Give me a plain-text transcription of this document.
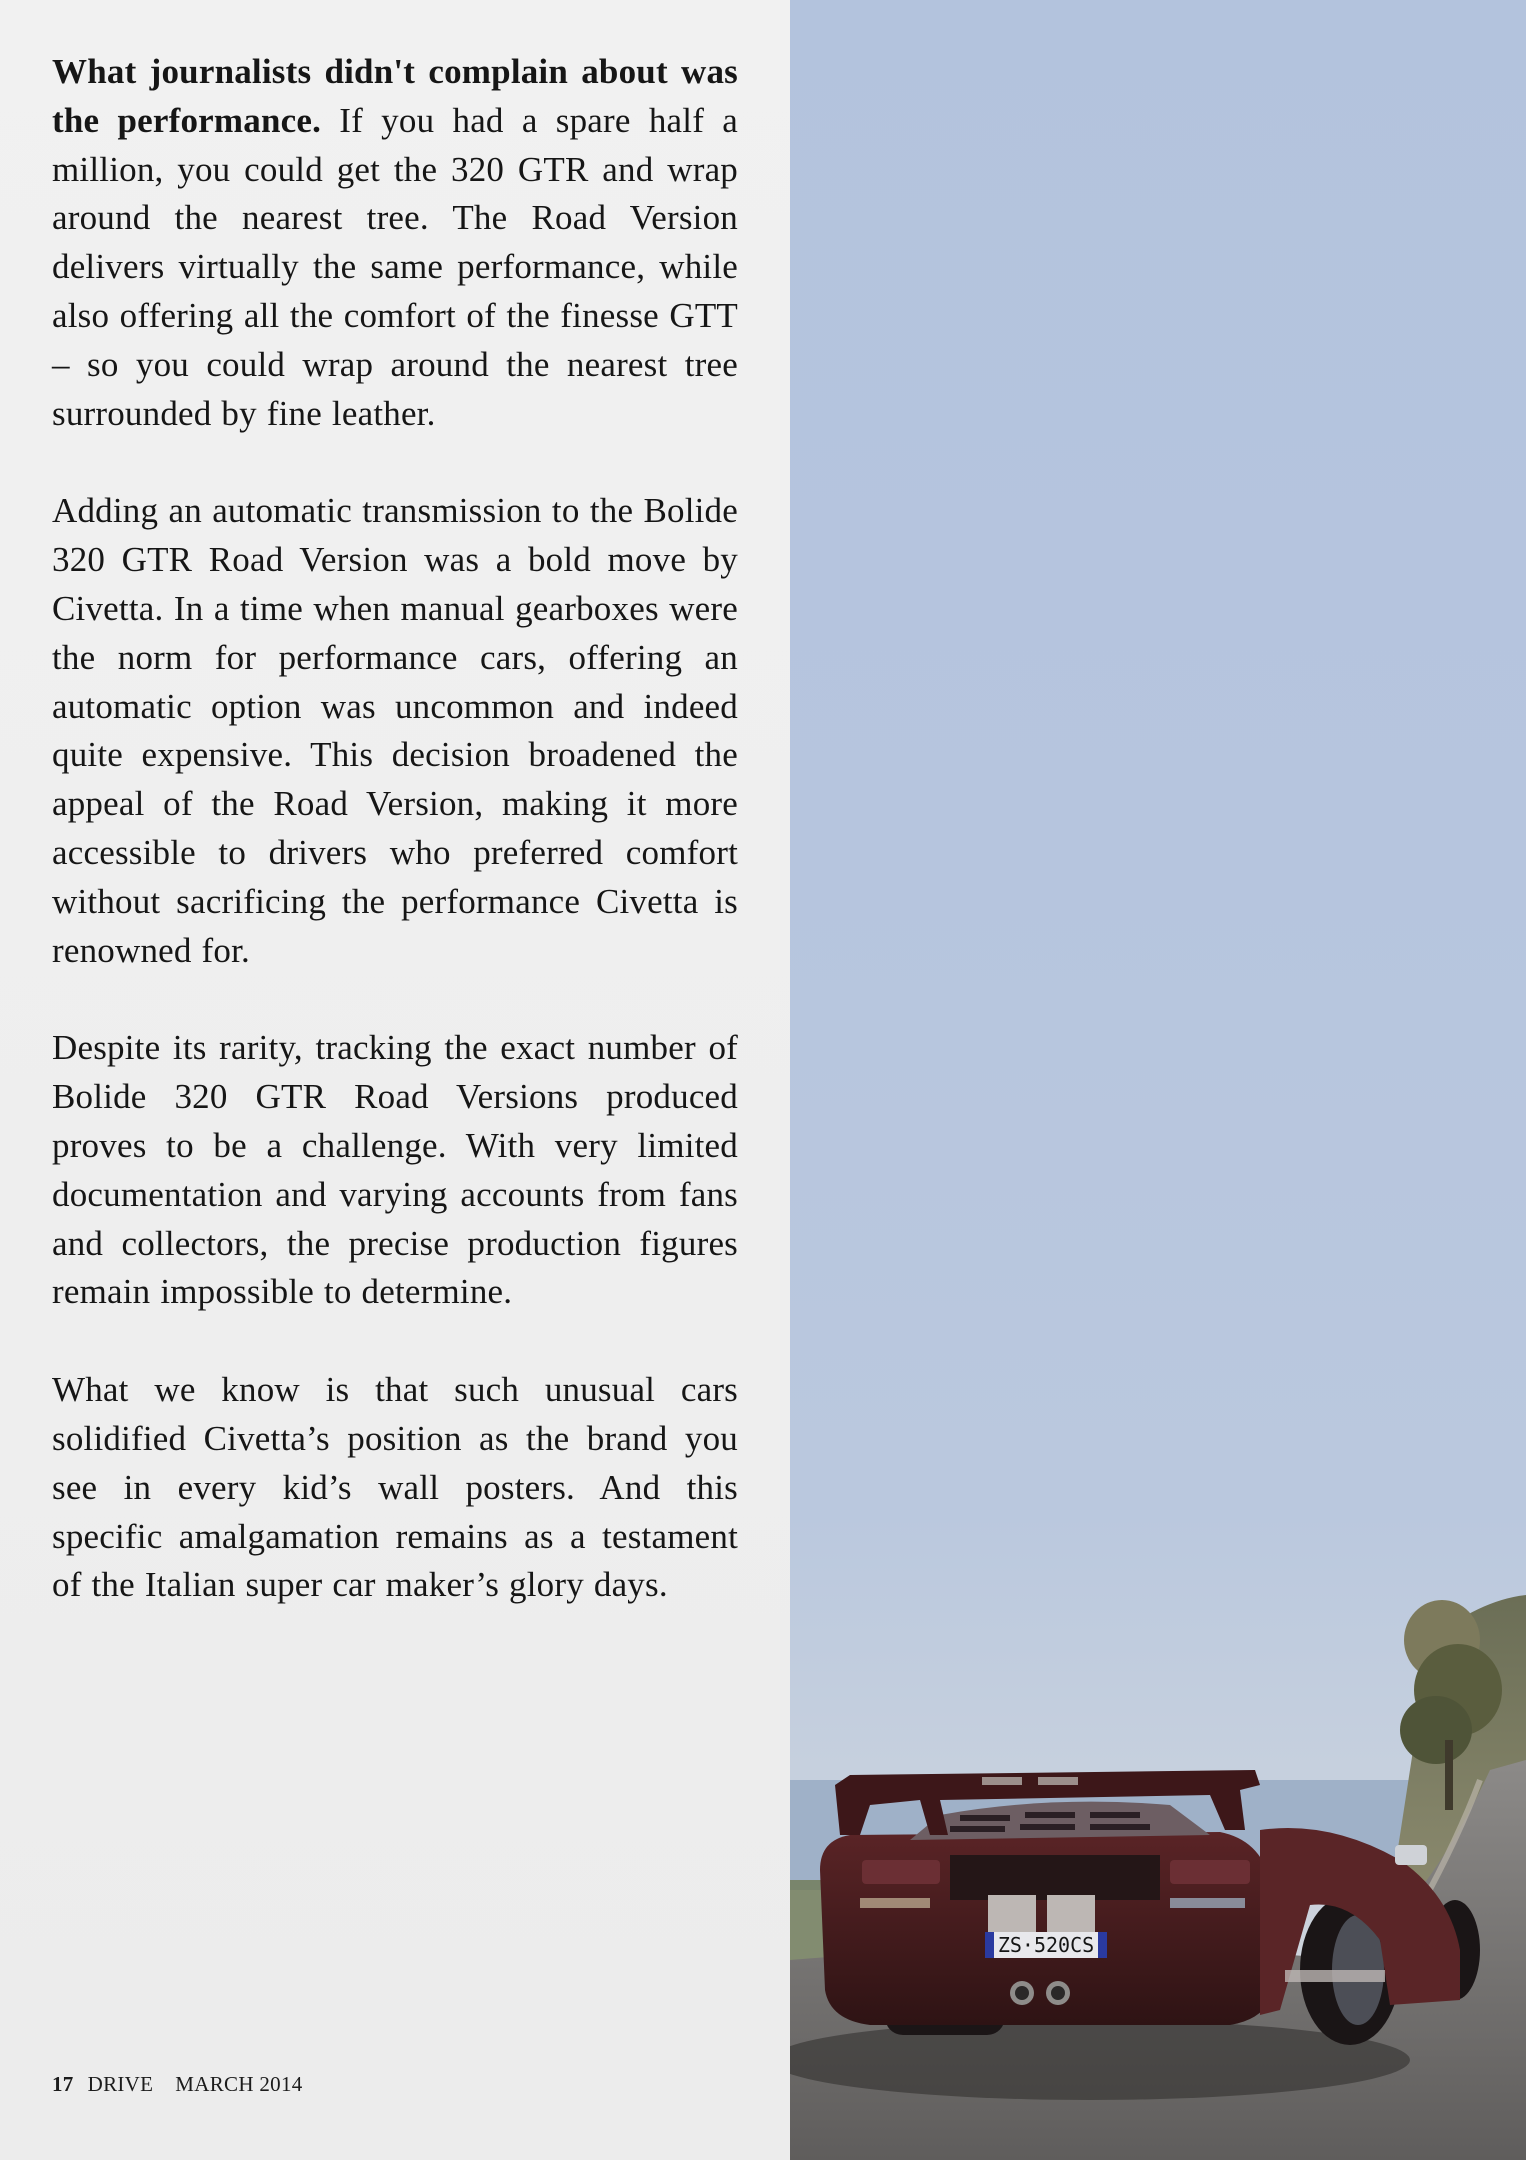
What journalists didn't complain about was the performance. If you had a spare half a million, you could get the 320 GTR and wrap around the nearest tree. The Road Version delivers virtually the same performance, while also offering all the comfort of the finesse GTT – so you could wrap around the nearest tree surrounded by fine leather.

Adding an automatic transmission to the Bolide 320 GTR Road Version was a bold move by Civetta. In a time when manual gearboxes were the norm for performance cars, offering an automatic option was uncommon and indeed quite expensive. This decision broadened the appeal of the Road Version, making it more accessible to drivers who preferred comfort without sacrificing the performance Civetta is renowned for.

Despite its rarity, tracking the exact number of Bolide 320 GTR Road Versions produced proves to be a challenge. With very limited documentation and varying accounts from fans and collectors, the precise production figures remain impossible to determine.

What we know is that such unusual cars solidified Civetta’s position as the brand you see in every kid’s wall posters. And this specific amalgamation remains as a testament of the Italian super car maker’s glory days.

17 DRIVE MARCH 2014
ZS·520CS
